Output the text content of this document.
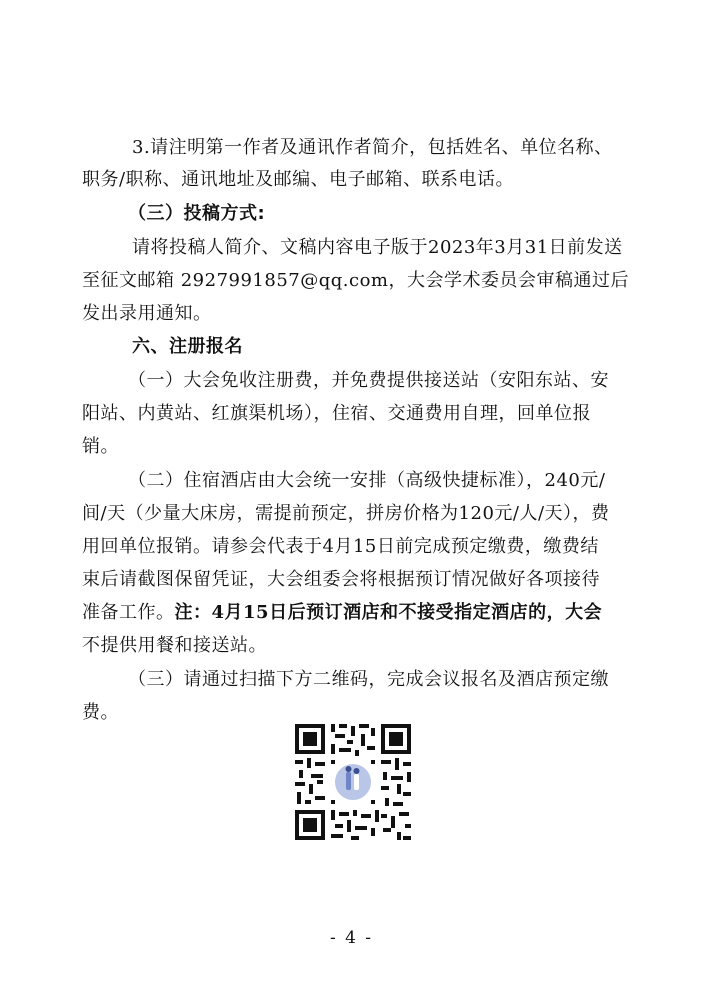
3.请注明第一作者及通讯作者简介，包括姓名、单位名称、
职务/职称、通讯地址及邮编、电子邮箱、联系电话。
（三）投稿方式:
请将投稿人简介、文稿内容电子版于2023年3月31日前发送
至征文邮箱 2927991857@qq.com，大会学术委员会审稿通过后
发出录用通知。
六、注册报名
（一）大会免收注册费，并免费提供接送站（安阳东站、安
阳站、内黄站、红旗渠机场），住宿、交通费用自理，回单位报
销。
（二）住宿酒店由大会统一安排（高级快捷标准），240元/
间/天（少量大床房，需提前预定，拼房价格为120元/人/天），费
用回单位报销。请参会代表于4月15日前完成预定缴费，缴费结
束后请截图保留凭证，大会组委会将根据预订情况做好各项接待
准备工作。注：4月15日后预订酒店和不接受指定酒店的，大会
不提供用餐和接送站。
（三）请通过扫描下方二维码，完成会议报名及酒店预定缴
费。
- 4 -
